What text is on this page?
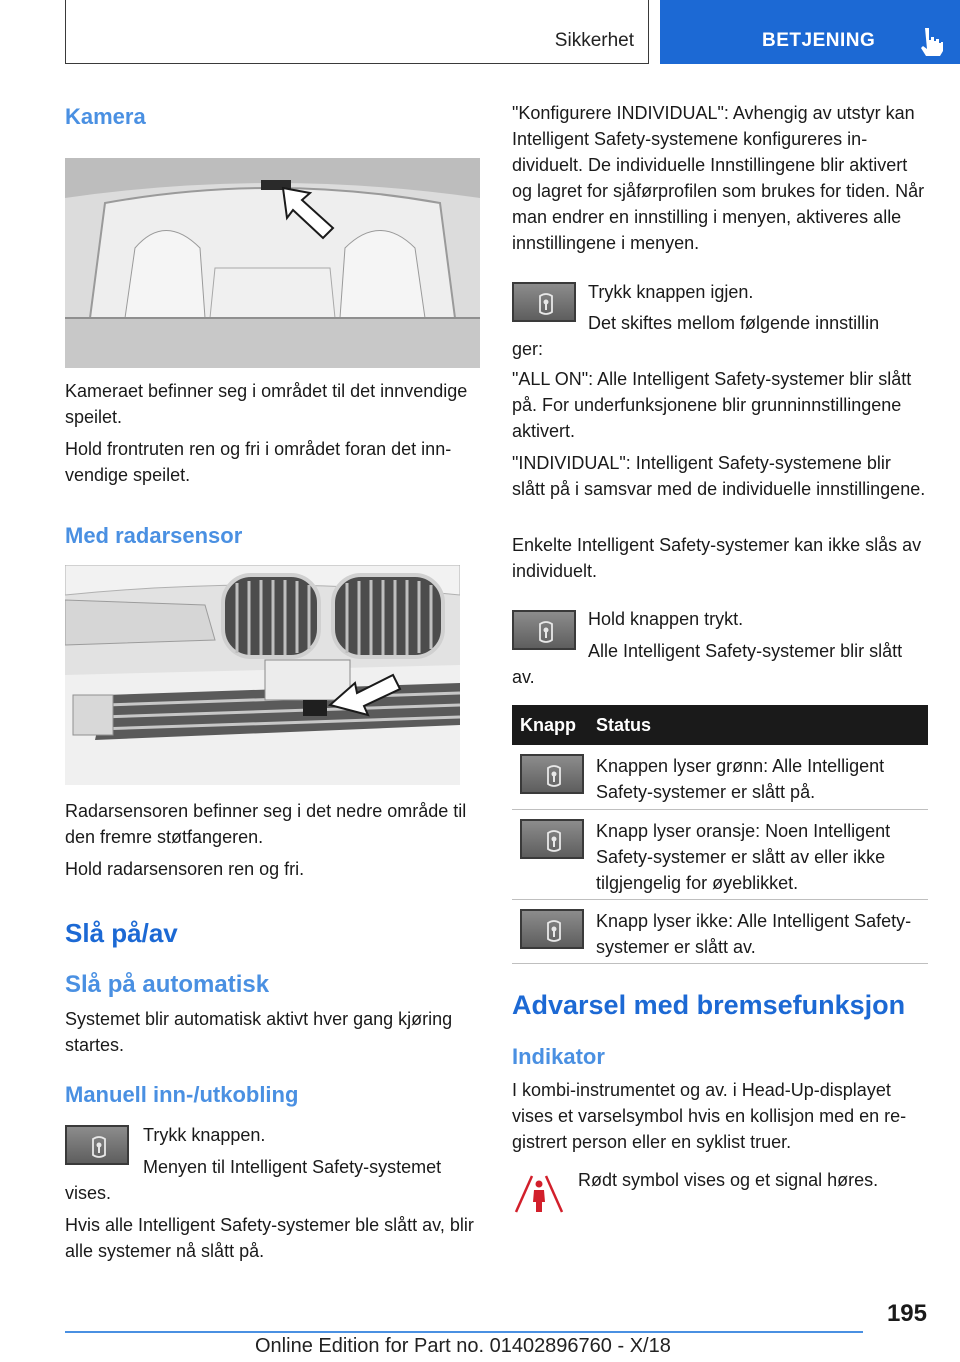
Sikkerhet	BETJENING
Kamera

Kameraet befinner seg i området til det innvendige speilet.

Hold frontruten ren og fri i området foran det innvendige speilet.

Med radarsensor

Radarsensoren befinner seg i det nedre område til den fremre støtfangeren.

Hold radarsensoren ren og fri.

Slå på/av
Slå på automatisk

Systemet blir automatisk aktivt hver gang kjøring startes.

Manuell inn-/utkobling

Trykk knappen.

Menyen til Intelligent Safety-systemet

vises.

Hvis alle Intelligent Safety-systemer ble slått av, blir alle systemer nå slått på.

"Konfigurere INDIVIDUAL": Avhengig av utstyr kan Intelligent Safety-systemene konfigureres individuelt. De individuelle Innstillingene blir aktivert og lagret for sjåførprofilen som brukes for tiden. Når man endrer en innstilling i menyen, aktiveres alle innstillingene i menyen.

Trykk knappen igjen.

Det skiftes mellom følgende innstillin

ger:

"ALL ON": Alle Intelligent Safety-systemer blir slått på. For underfunksjonene blir grunninnstillingene aktivert.

"INDIVIDUAL": Intelligent Safety-systemene blir slått på i samsvar med de individuelle innstillingene.

Enkelte Intelligent Safety-systemer kan ikke slås av individuelt.

Hold knappen trykt.

Alle Intelligent Safety-systemer blir slått

av.

Knapp Status

Knappen lyser grønn: Alle Intelligent Safety-systemer er slått på.

Knapp lyser oransje: Noen Intelligent Safety-systemer er slått av eller ikke tilgjengelig for øyeblikket.

Knapp lyser ikke: Alle Intelligent Safety-systemer er slått av.

Advarsel med bremsefunksjon
Indikator

I kombi-instrumentet og av. i Head-Up-displayet vises et varselsymbol hvis en kollisjon med en registrert person eller en syklist truer.

Rødt symbol vises og et signal høres.

195
Online Edition for Part no. 01402896760 - X/18
